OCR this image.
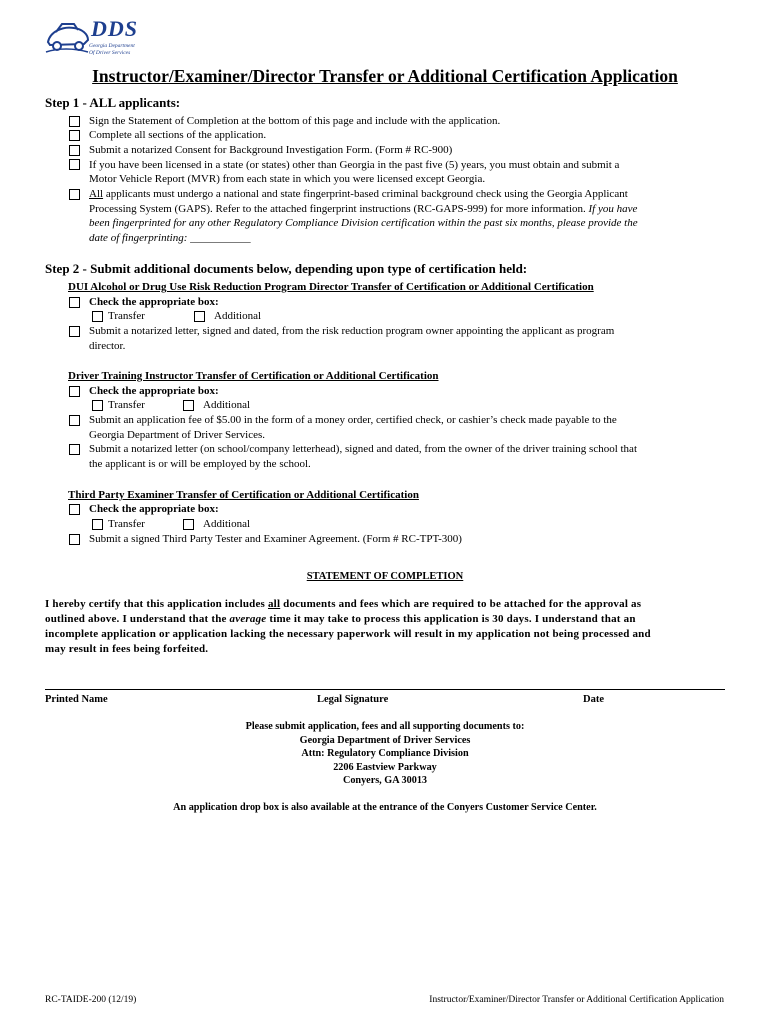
DDS
Georgia Department
Of Driver Services
Instructor/Examiner/Director Transfer or Additional Certification Application
Step 1 - ALL applicants:
Sign the Statement of Completion at the bottom of this page and include with the application.
Complete all sections of the application.
Submit a notarized Consent for Background Investigation Form. (Form # RC-900)
If you have been licensed in a state (or states) other than Georgia in the past five (5) years, you must obtain and submit a
Motor Vehicle Report (MVR) from each state in which you were licensed except Georgia.
All applicants must undergo a national and state fingerprint-based criminal background check using the Georgia Applicant
Processing System (GAPS). Refer to the attached fingerprint instructions (RC-GAPS-999) for more information. If you have
been fingerprinted for any other Regulatory Compliance Division certification within the past six months, please provide the
date of fingerprinting: ___________
Step 2 - Submit additional documents below, depending upon type of certification held:
DUI Alcohol or Drug Use Risk Reduction Program Director Transfer of Certification or Additional Certification
Check the appropriate box:
Transfer	Additional
Submit a notarized letter, signed and dated, from the risk reduction program owner appointing the applicant as program
director.
Driver Training Instructor Transfer of Certification or Additional Certification
Check the appropriate box:
Transfer	Additional
Submit an application fee of $5.00 in the form of a money order, certified check, or cashier’s check made payable to the
Georgia Department of Driver Services.
Submit a notarized letter (on school/company letterhead), signed and dated, from the owner of the driver training school that
the applicant is or will be employed by the school.
Third Party Examiner Transfer of Certification or Additional Certification
Check the appropriate box:
Transfer	Additional
Submit a signed Third Party Tester and Examiner Agreement. (Form # RC-TPT-300)
STATEMENT OF COMPLETION
I hereby certify that this application includes all documents and fees which are required to be attached for the approval as
outlined above. I understand that the average time it may take to process this application is 30 days. I understand that an
incomplete application or application lacking the necessary paperwork will result in my application not being processed and
may result in fees being forfeited.
Printed Name	Legal Signature	Date
Please submit application, fees and all supporting documents to:
Georgia Department of Driver Services
Attn: Regulatory Compliance Division
2206 Eastview Parkway
Conyers, GA 30013
An application drop box is also available at the entrance of the Conyers Customer Service Center.
RC-TAIDE-200 (12/19)	Instructor/Examiner/Director Transfer or Additional Certification Application
